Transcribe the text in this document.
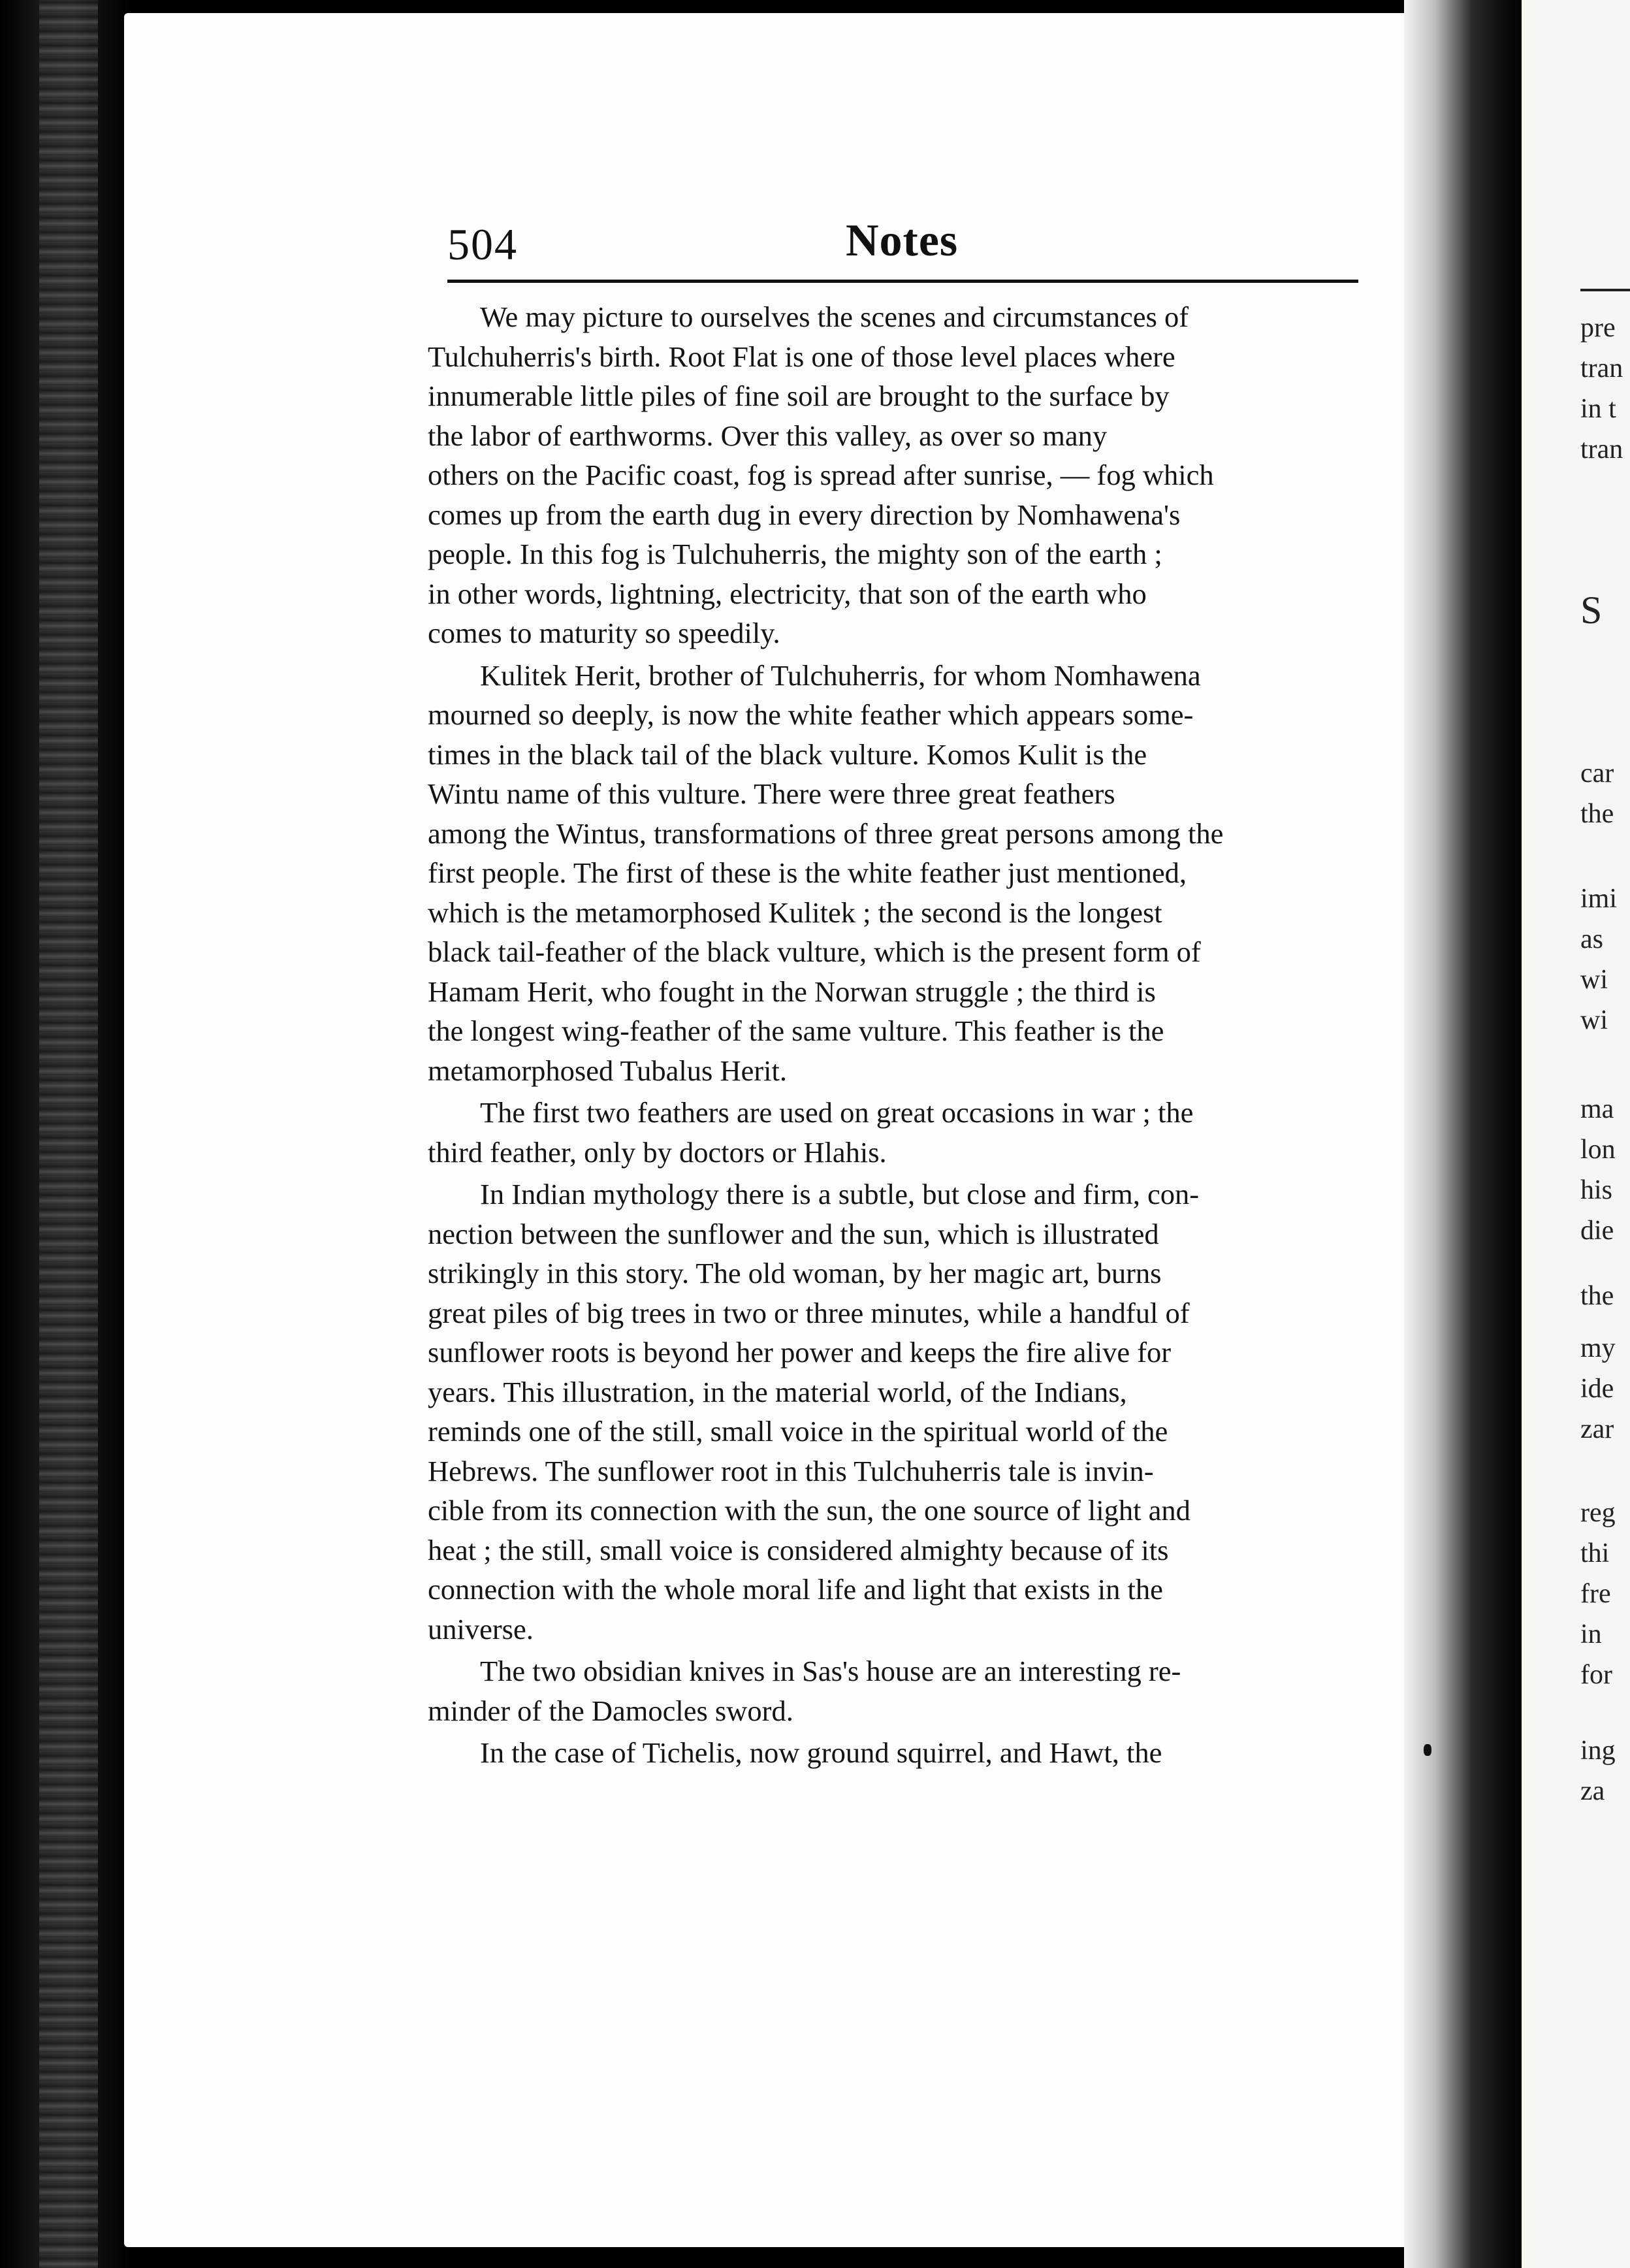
504	Notes
We may picture to ourselves the scenes and circumstances of
Tulchuherris's birth. Root Flat is one of those level places where
innumerable little piles of fine soil are brought to the surface by
the labor of earthworms. Over this valley, as over so many
others on the Pacific coast, fog is spread after sunrise, — fog which
comes up from the earth dug in every direction by Nomhawena's
people. In this fog is Tulchuherris, the mighty son of the earth ;
in other words, lightning, electricity, that son of the earth who
comes to maturity so speedily.
Kulitek Herit, brother of Tulchuherris, for whom Nomhawena
mourned so deeply, is now the white feather which appears some-
times in the black tail of the black vulture. Komos Kulit is the
Wintu name of this vulture. There were three great feathers
among the Wintus, transformations of three great persons among the
first people. The first of these is the white feather just mentioned,
which is the metamorphosed Kulitek ; the second is the longest
black tail-feather of the black vulture, which is the present form of
Hamam Herit, who fought in the Norwan struggle ; the third is
the longest wing-feather of the same vulture. This feather is the
metamorphosed Tubalus Herit.
The first two feathers are used on great occasions in war ; the
third feather, only by doctors or Hlahis.
In Indian mythology there is a subtle, but close and firm, con-
nection between the sunflower and the sun, which is illustrated
strikingly in this story. The old woman, by her magic art, burns
great piles of big trees in two or three minutes, while a handful of
sunflower roots is beyond her power and keeps the fire alive for
years. This illustration, in the material world, of the Indians,
reminds one of the still, small voice in the spiritual world of the
Hebrews. The sunflower root in this Tulchuherris tale is invin-
cible from its connection with the sun, the one source of light and
heat ; the still, small voice is considered almighty because of its
connection with the whole moral life and light that exists in the
universe.
The two obsidian knives in Sas's house are an interesting re-
minder of the Damocles sword.
In the case of Tichelis, now ground squirrel, and Hawt, the
pre
tran
in t
tran
S
car
the
imi
as
wi
wi
ma
lon
his
die
the
my
ide
zar
reg
thi
fre
in
for
ing
za
